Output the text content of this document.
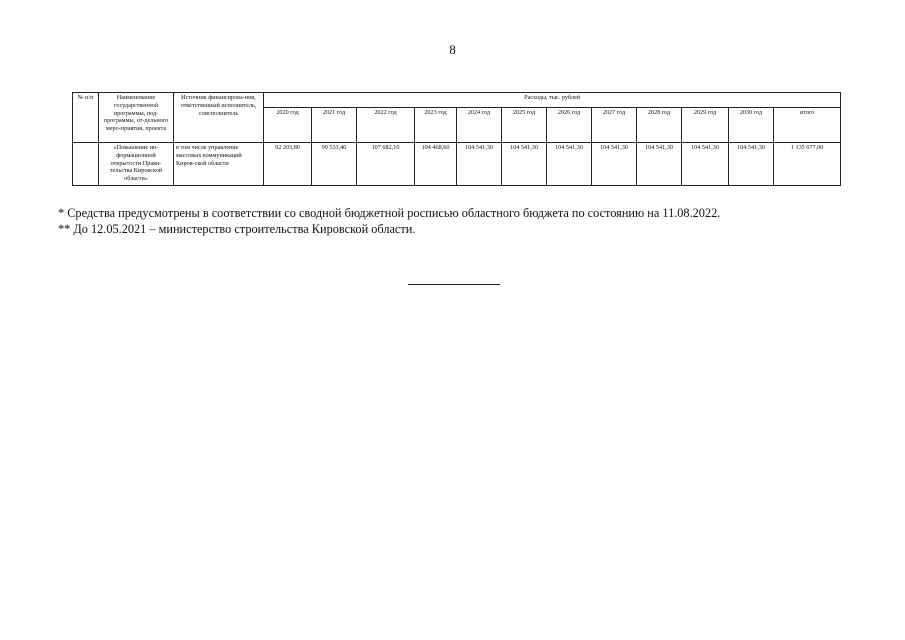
8
№ п/п	Наименование государственной программы, под-программы, от-дельного меро-приятия, проекта	Источник финансирова-ния, ответственный исполнитель, соисполнитель	Расходы, тыс. рублей											
			2020 год	2021 год	2022 год	2023 год	2024 год	2025 год	2026 год	2027 год	2028 год	2029 год	2030 год	итого
	«Повышение ин-формационной открытости Прави-тельства Кировской области»	в том числе управление массовых коммуникаций Киров-ской области	92 203,80	99 533,40	107 682,10	104 468,60	104 541,30	104 541,30	104 541,30	104 541,30	104 541,30	104 541,30	104 541,30	1 135 677,00

* Средства предусмотрены в соответствии со сводной бюджетной росписью областного бюджета по состоянию на 11.08.2022.

** До 12.05.2021 – министерство строительства Кировской области.
